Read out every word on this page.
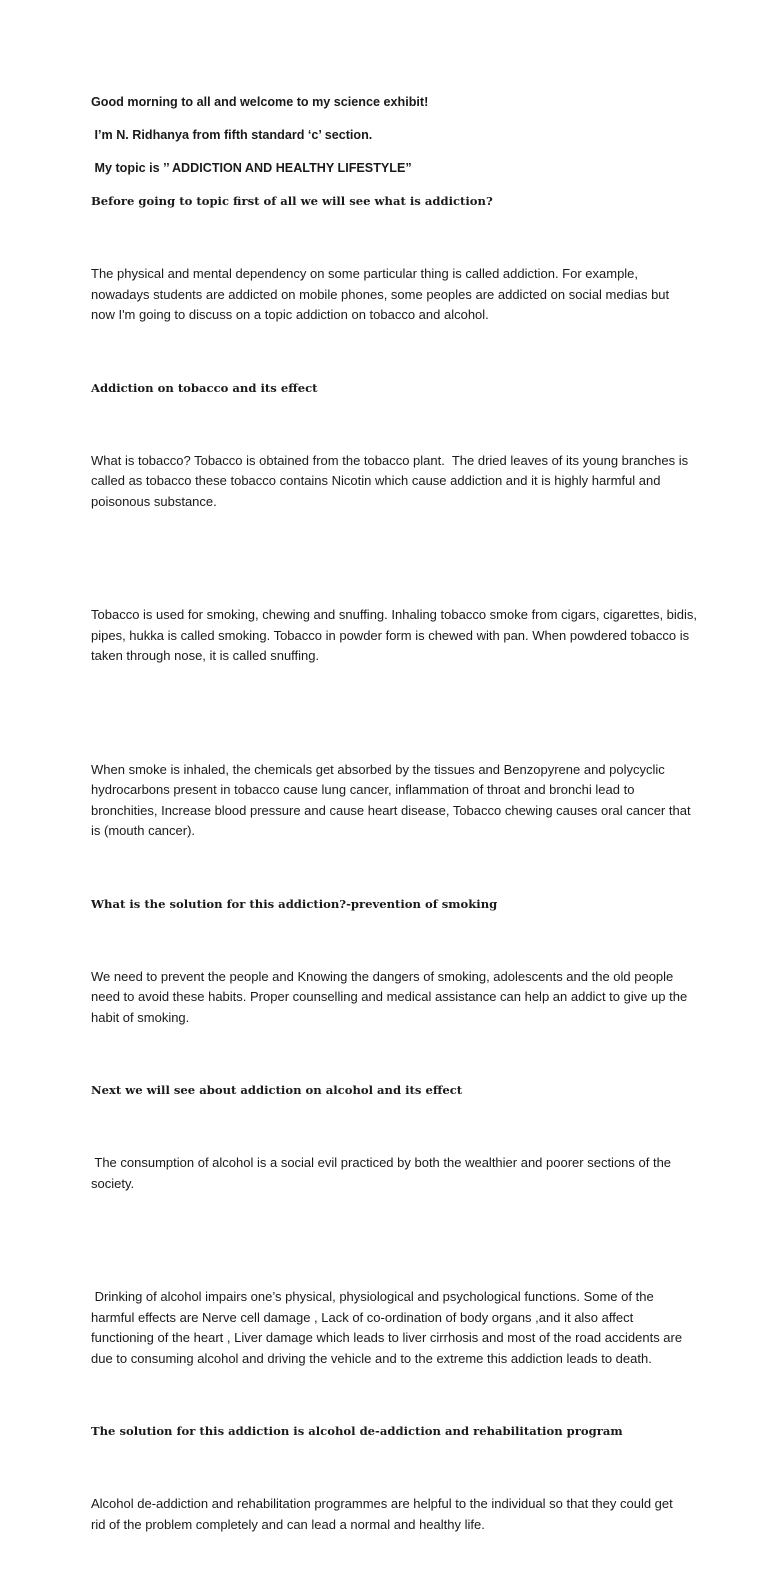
Good morning to all and welcome to my science exhibit!

I’m N. Ridhanya from fifth standard ‘c’ section.

My topic is ’’ ADDICTION AND HEALTHY LIFESTYLE”

Before going to topic first of all we will see what is addiction?

The physical and mental dependency on some particular thing is called addiction. For example,
nowadays students are addicted on mobile phones, some peoples are addicted on social medias but
now I'm going to discuss on a topic addiction on tobacco and alcohol.

Addiction on tobacco and its effect

What is tobacco? Tobacco is obtained from the tobacco plant.  The dried leaves of its young branches is
called as tobacco these tobacco contains Nicotin which cause addiction and it is highly harmful and
poisonous substance.

Tobacco is used for smoking, chewing and snuffing. Inhaling tobacco smoke from cigars, cigarettes, bidis,
pipes, hukka is called smoking. Tobacco in powder form is chewed with pan. When powdered tobacco is
taken through nose, it is called snuffing.

When smoke is inhaled, the chemicals get absorbed by the tissues and Benzopyrene and polycyclic
hydrocarbons present in tobacco cause lung cancer, inflammation of throat and bronchi lead to
bronchities, Increase blood pressure and cause heart disease, Tobacco chewing causes oral cancer that
is (mouth cancer).

What is the solution for this addiction?-prevention of smoking

We need to prevent the people and Knowing the dangers of smoking, adolescents and the old people
need to avoid these habits. Proper counselling and medical assistance can help an addict to give up the
habit of smoking.

Next we will see about addiction on alcohol and its effect

The consumption of alcohol is a social evil practiced by both the wealthier and poorer sections of the
society.

Drinking of alcohol impairs one’s physical, physiological and psychological functions. Some of the
harmful effects are Nerve cell damage , Lack of co-ordination of body organs ,and it also affect
functioning of the heart , Liver damage which leads to liver cirrhosis and most of the road accidents are
due to consuming alcohol and driving the vehicle and to the extreme this addiction leads to death.

The solution for this addiction is alcohol de-addiction and rehabilitation program

Alcohol de-addiction and rehabilitation programmes are helpful to the individual so that they could get
rid of the problem completely and can lead a normal and healthy life.
